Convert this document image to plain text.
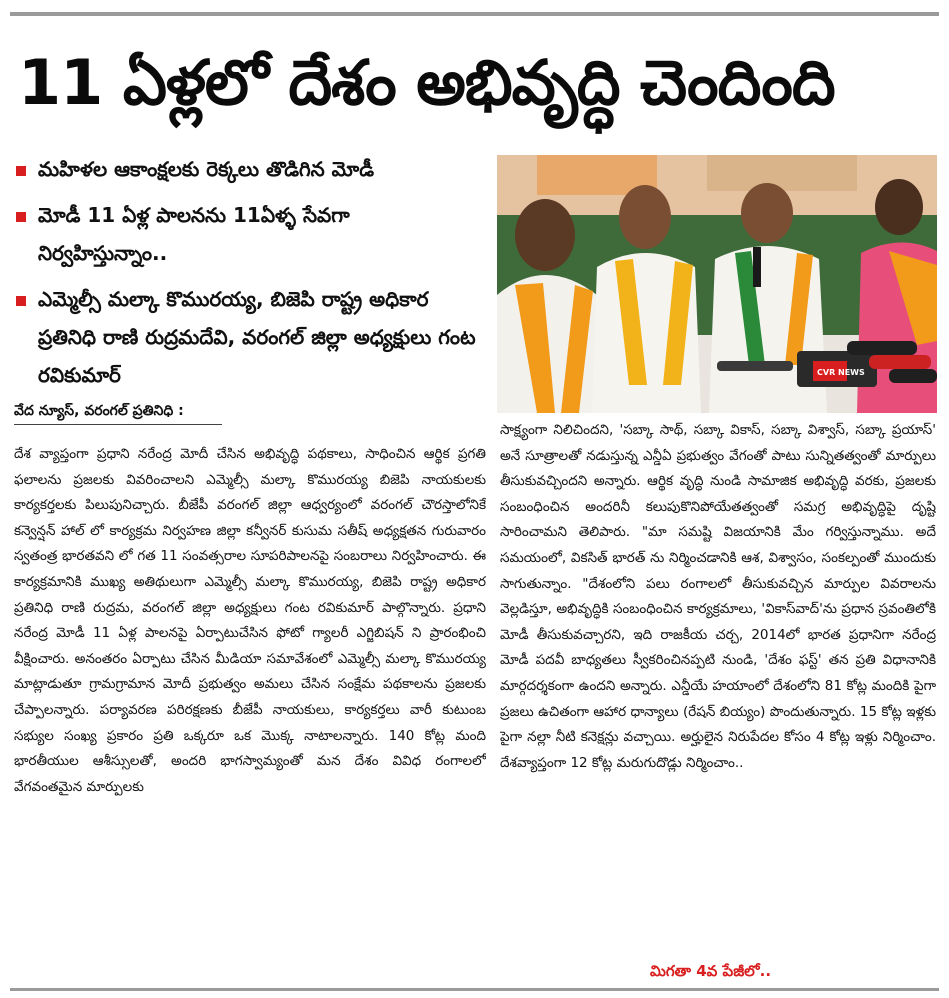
11 ఏళ్లలో దేశం అభివృద్ధి చెందింది
మహిళల ఆకాంక్షలకు రెక్కలు తొడిగిన మోడీ
మోడీ 11 ఏళ్ల పాలనను 11ఏళ్ళ సేవగా నిర్వహిస్తున్నాం..
ఎమ్మెల్సీ మల్కా కొమురయ్య, బిజెపి రాష్ట్ర అధికార ప్రతినిధి రాణి రుద్రమదేవి, వరంగల్ జిల్లా అధ్యక్షులు గంట రవికుమార్
వేద న్యూస్, వరంగల్ ప్రతినిధి :
CVR NEWS

దేశ వ్యాప్తంగా ప్రధాని నరేంద్ర మోదీ చేసిన అభివృద్ధి పథకాలు, సాధించిన ఆర్థిక ప్రగతి ఫలాలను ప్రజలకు వివరించాలని ఎమ్మెల్సీ మల్కా కొమురయ్య బిజెపి నాయకులకు కార్యకర్తలకు పిలుపునిచ్చారు. బీజేపీ వరంగల్ జిల్లా ఆధ్వర్యంలో వరంగల్ చౌరస్తాలోనికే కన్వెన్షన్ హాల్ లో కార్యక్రమ నిర్వహణ జిల్లా కన్వీనర్ కుసుమ సతీష్ అధ్యక్షతన గురువారం స్వతంత్ర భారతవని లో గత 11 సంవత్సరాల సూపరిపాలనపై సంబరాలు నిర్వహించారు. ఈ కార్యక్రమానికి ముఖ్య అతిథులుగా ఎమ్మెల్సీ మల్కా కొమురయ్య, బిజెపి రాష్ట్ర అధికార ప్రతినిధి రాణి రుద్రమ, వరంగల్ జిల్లా అధ్యక్షులు గంట రవికుమార్ పాల్గొన్నారు. ప్రధాని నరేంద్ర మోడీ 11 ఏళ్ల పాలనపై ఏర్పాటుచేసిన ఫోటో గ్యాలరీ ఎగ్జిబిషన్ ని ప్రారంభించి వీక్షించారు. అనంతరం ఏర్పాటు చేసిన మీడియా సమావేశంలో ఎమ్మెల్సీ మల్కా కొమురయ్య మాట్లాడుతూ గ్రామగ్రామాన మోదీ ప్రభుత్వం అమలు చేసిన సంక్షేమ పథకాలను ప్రజలకు చేప్పాలన్నారు. పర్యావరణ పరిరక్షణకు బీజేపీ నాయకులు, కార్యకర్తలు వారీ కుటుంబ సభ్యుల సంఖ్య ప్రకారం ప్రతి ఒక్కరూ ఒక మొక్క నాటాలన్నారు. 140 కోట్ల మంది భారతీయుల ఆశీస్సులతో, అందరి భాగస్వామ్యంతో మన దేశం వివిధ రంగాలలో వేగవంతమైన మార్పులకు

సాక్ష్యంగా నిలిచిందని, 'సబ్కా సాథ్, సబ్కా వికాస్, సబ్కా విశ్వాస్, సబ్కా ప్రయాస్' అనే సూత్రాలతో నడుస్తున్న ఎన్డీఏ ప్రభుత్వం వేగంతో పాటు సున్నితత్వంతో మార్పులు తీసుకువచ్చిందని అన్నారు. ఆర్థిక వృద్ధి నుండి సామాజిక అభివృద్ధి వరకు, ప్రజలకు సంబంధించిన అందరినీ కలుపుకొనిపోయేతత్వంతో సమగ్ర అభివృద్ధిపై దృష్టి సారించామని తెలిపారు. "మా సమష్టి విజయానికి మేం గర్విస్తున్నాము. అదే సమయంలో, వికసిత్ భారత్ ను నిర్మించడానికి ఆశ, విశ్వాసం, సంకల్పంతో ముందుకు సాగుతున్నాం. "దేశంలోని పలు రంగాలలో తీసుకువచ్చిన మార్పుల వివరాలను వెల్లడిస్తూ, అభివృద్ధికి సంబంధించిన కార్యక్రమాలు, 'వికాస్‌వాద్'ను ప్రధాన స్రవంతిలోకి మోడీ తీసుకువచ్చారని, ఇది రాజకీయ చర్చ, 2014లో భారత ప్రధానిగా నరేంద్ర మోడీ పదవీ బాధ్యతలు స్వీకరించినప్పటి నుండి, 'దేశం ఫస్ట్' తన ప్రతి విధానానికి మార్గదర్శకంగా ఉందని అన్నారు. ఎన్డీయే హయాంలో దేశంలోని 81 కోట్ల మందికి పైగా ప్రజలు ఉచితంగా ఆహార ధాన్యాలు (రేషన్ బియ్యం) పొందుతున్నారు. 15 కోట్ల ఇళ్లకు పైగా నల్లా నీటి కనెక్షన్లు వచ్చాయి. అర్హులైన నిరుపేదల కోసం 4 కోట్ల ఇళ్లు నిర్మించాం. దేశవ్యాప్తంగా 12 కోట్ల మరుగుదొడ్లు నిర్మించాం..

మిగతా 4వ పేజీలో..
